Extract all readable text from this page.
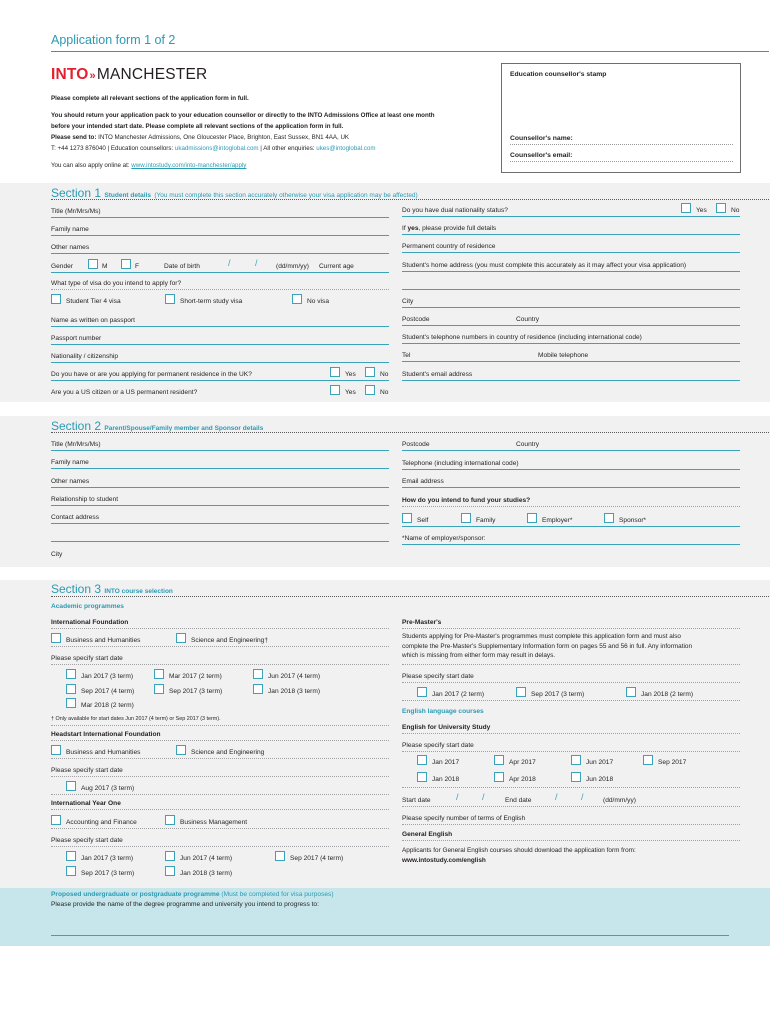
Application form 1 of 2
INTO»MANCHESTER
Please complete all relevant sections of the application form in full.
You should return your application pack to your education counsellor or directly to the INTO Admissions Office at least one month
before your intended start date. Please complete all relevant sections of the application form in full.
Please send to: INTO Manchester Admissions, One Gloucester Place, Brighton, East Sussex, BN1 4AA, UK
T: +44 1273 876040 | Education counsellors: ukadmissions@intoglobal.com | All other enquiries: ukes@intoglobal.com
You can also apply online at: www.intostudy.com/into-manchester/apply
Education counsellor's stamp
Counsellor's name:
Counsellor's email:
Section 1 Student details (You must complete this section accurately otherwise your visa application may be affected)
Title (Mr/Mrs/Ms)
Family name
Other names
Gender	M	F	Date of birth	/	/	(dd/mm/yy) Current age
What type of visa do you intend to apply for?
Student Tier 4 visa	Short-term study visa	No visa
Name as written on passport
Passport number
Nationality / citizenship
Do you have or are you applying for permanent residence in the UK?	Yes	No
Are you a US citizen or a US permanent resident?	Yes	No
Do you have dual nationality status?	Yes	No
If yes, please provide full details
Permanent country of residence
Student's home address (you must complete this accurately as it may affect your visa application)
City
Postcode	Country
Student's telephone numbers in country of residence (including international code)
Tel	Mobile telephone
Student's email address
Section 2 Parent/Spouse/Family member and Sponsor details
Title (Mr/Mrs/Ms)
Family name
Other names
Relationship to student
Contact address
City
Postcode	Country
Telephone (including international code)
Email address
How do you intend to fund your studies?
Self	Family	Employer*	Sponsor*
*Name of employer/sponsor:
Section 3 INTO course selection
Academic programmes
International Foundation
Business and Humanities	Science and Engineering†
Please specify start date
Jan 2017 (3 term)	Mar 2017 (2 term)	Jun 2017 (4 term)
Sep 2017 (4 term)	Sep 2017 (3 term)	Jan 2018 (3 term)
Mar 2018 (2 term)
† Only available for start dates Jun 2017 (4 term) or Sep 2017 (3 term).
Headstart International Foundation
Business and Humanities	Science and Engineering
Please specify start date
Aug 2017 (3 term)
International Year One
Accounting and Finance	Business Management
Please specify start date
Jan 2017 (3 term)	Jun 2017 (4 term)	Sep 2017 (4 term)
Sep 2017 (3 term)	Jan 2018 (3 term)
Pre-Master's
Students applying for Pre-Master's programmes must complete this application form and must also
complete the Pre-Master's Supplementary Information form on pages 55 and 56 in full. Any information
which is missing from either form may result in delays.
Please specify start date
Jan 2017 (2 term)	Sep 2017 (3 term)	Jan 2018 (2 term)
English language courses
English for University Study
Please specify start date
Jan 2017	Apr 2017	Jun 2017	Sep 2017
Jan 2018	Apr 2018	Jun 2018
Start date	/	/	End date	/	/	(dd/mm/yy)
Please specify number of terms of English
General English
Applicants for General English courses should download the application form from:
www.intostudy.com/english
Proposed undergraduate or postgraduate programme (Must be completed for visa purposes)
Please provide the name of the degree programme and university you intend to progress to:
